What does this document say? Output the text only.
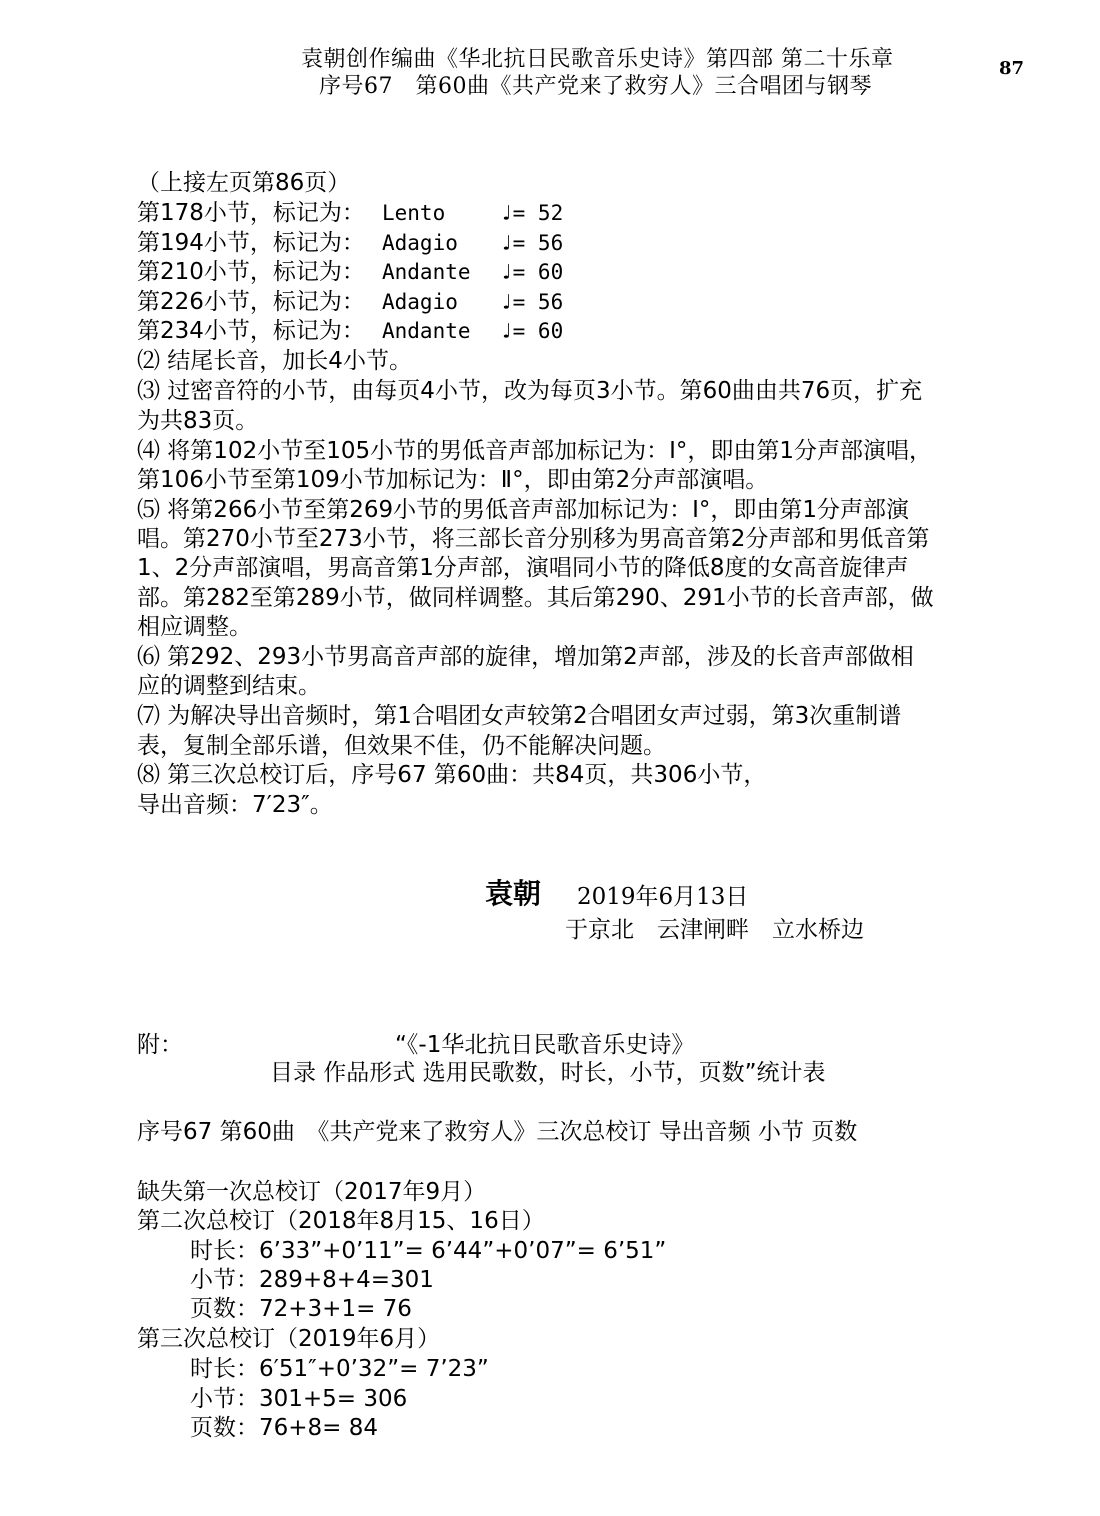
袁朝创作编曲《华北抗日民歌音乐史诗》第四部 第二十乐章
序号67　第60曲《共产党来了救穷人》三合唱团与钢琴
87
（上接左页第86页）
第178小节，标记为： Lento	♩= 52
第194小节，标记为： Adagio ♩= 56
第210小节，标记为： Andante ♩= 60
第226小节，标记为： Adagio ♩= 56
第234小节，标记为： Andante ♩= 60
⑵ 结尾长音，加长4小节。
⑶ 过密音符的小节，由每页4小节，改为每页3小节。第60曲由共76页，扩充
为共83页。
⑷ 将第102小节至105小节的男低音声部加标记为：Ⅰ°，即由第1分声部演唱，
第106小节至第109小节加标记为：Ⅱ°，即由第2分声部演唱。
⑸ 将第266小节至第269小节的男低音声部加标记为：Ⅰ°，即由第1分声部演
唱。第270小节至273小节，将三部长音分别移为男高音第2分声部和男低音第
1、2分声部演唱，男高音第1分声部，演唱同小节的降低8度的女高音旋律声
部。第282至第289小节，做同样调整。其后第290、291小节的长音声部，做
相应调整。
⑹ 第292、293小节男高音声部的旋律，增加第2声部，涉及的长音声部做相
应的调整到结束。
⑺ 为解决导出音频时，第1合唱团女声较第2合唱团女声过弱，第3次重制谱
表，复制全部乐谱，但效果不佳，仍不能解决问题。
⑻ 第三次总校订后，序号67 第60曲：共84页，共306小节，
导出音频：7′23″。
袁朝 2019年6月13日
于京北　云津闸畔　立水桥边
附：	“《-1华北抗日民歌音乐史诗》
目录 作品形式 选用民歌数，时长，小节，页数”统计表
序号67 第60曲　《共产党来了救穷人》三次总校订 导出音频 小节 页数
缺失第一次总校订（2017年9月）
第二次总校订（2018年8月15、16日）
时长：6’33”+0’11”= 6’44”+0’07”= 6’51”
小节：289+8+4=301
页数：72+3+1= 76
第三次总校订（2019年6月）
时长：6′51″+0’32”= 7’23”
小节：301+5= 306
页数：76+8= 84
